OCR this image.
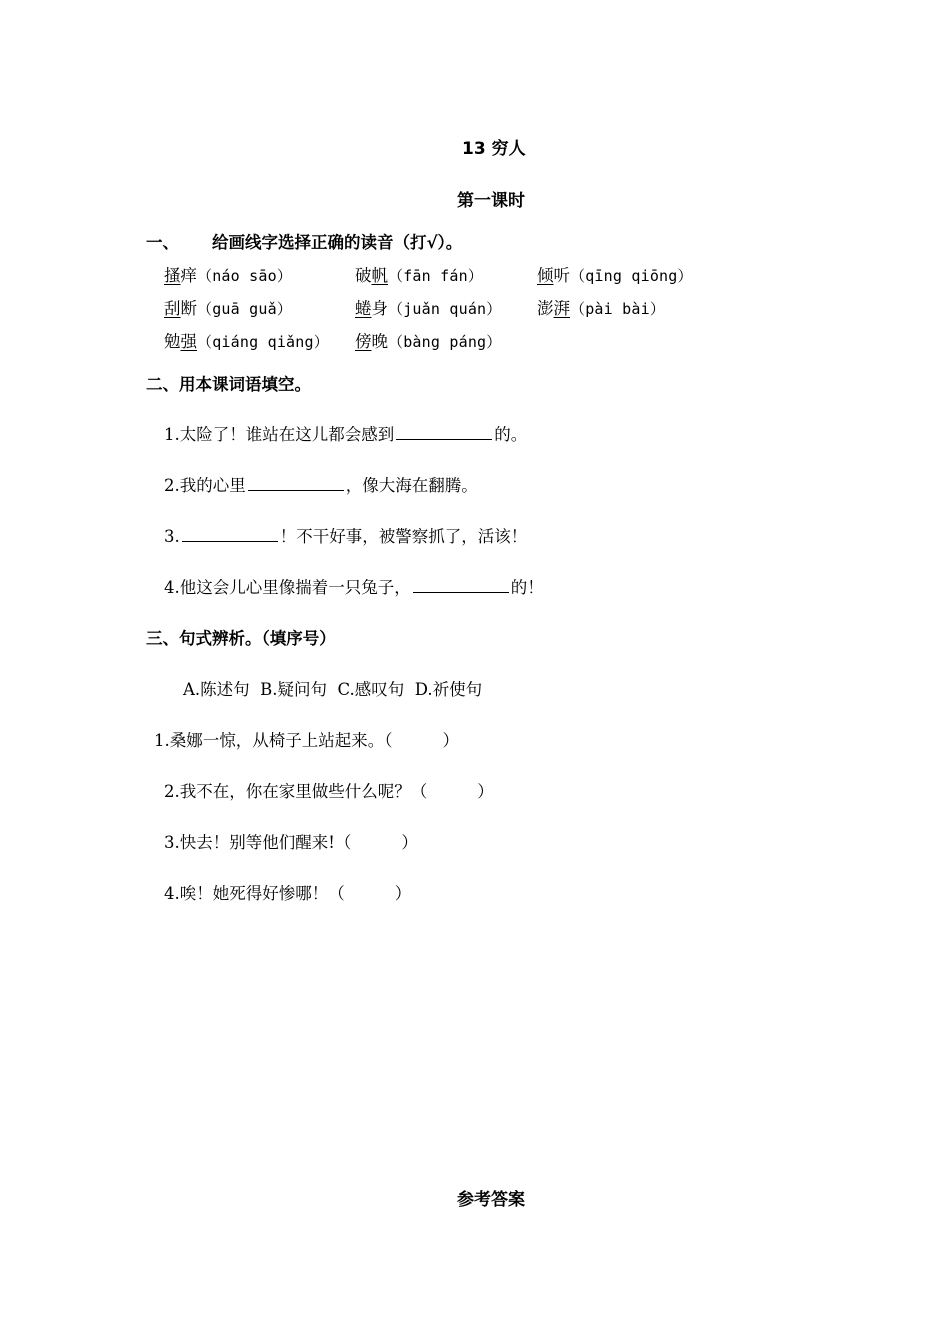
13 穷人
第一课时
一、 给画线字选择正确的读音（打√）。
搔痒（náo sāo）	破帆（fān fán）	倾听（qīng qiōng）
刮断（guā guǎ）	蜷身（juǎn quán） 澎湃（pài bài）
勉强（qiáng qiǎng） 傍晚（bàng páng）
二、用本课词语填空。
1.太险了！谁站在这儿都会感到	的。
2.我的心里	，像大海在翻腾。
3.	！不干好事，被警察抓了，活该！
4.他这会儿心里像揣着一只兔子，	的！
三、句式辨析。（填序号）
A.陈述句  B.疑问句  C.感叹句  D.祈使句
1.桑娜一惊，从椅子上站起来。（	）
2.我不在，你在家里做些什么呢？（	）
3.快去！别等他们醒来!（	）
4.唉！她死得好惨哪！（	）
参考答案
